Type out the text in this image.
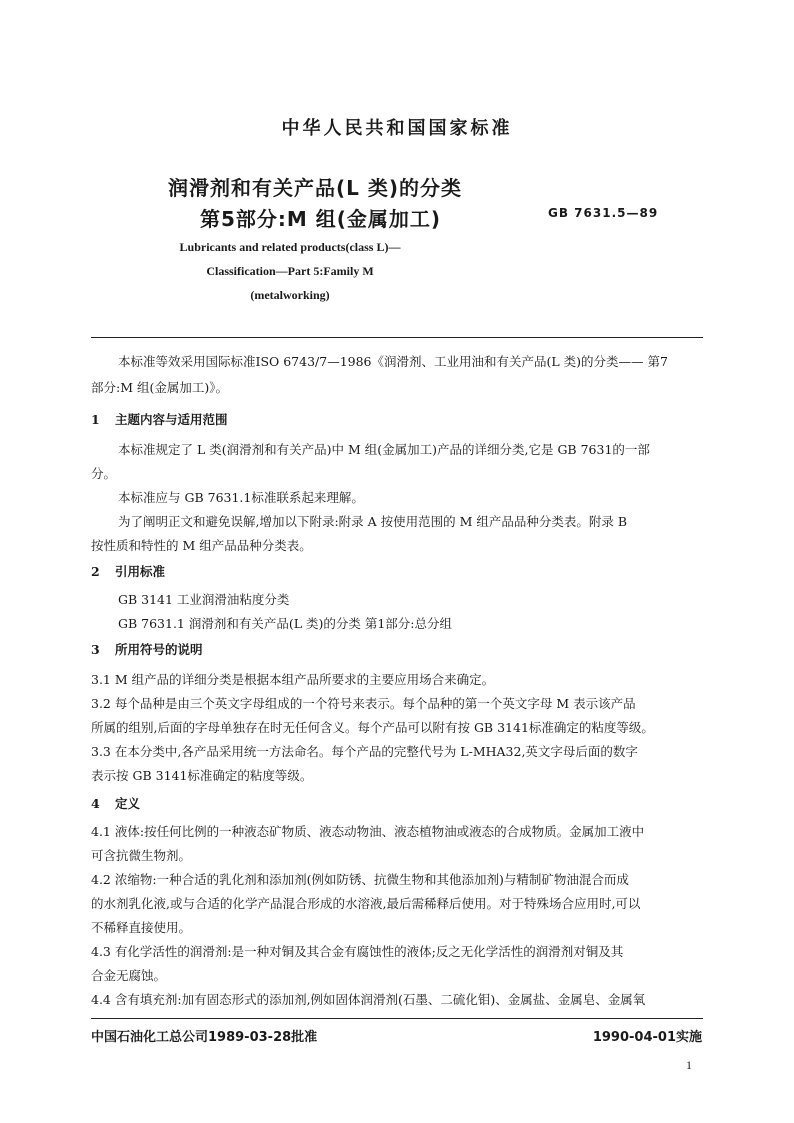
中华人民共和国国家标准
润滑剂和有关产品(L 类)的分类
第5部分:M 组(金属加工)	GB 7631.5—89
Lubricants and related products(class L)—
Classification—Part 5:Family M
(metalworking)
本标准等效采用国际标准ISO 6743/7—1986《润滑剂、工业用油和有关产品(L 类)的分类—— 第7
部分:M 组(金属加工)》。
1 主题内容与适用范围
本标准规定了 L 类(润滑剂和有关产品)中 M 组(金属加工)产品的详细分类,它是 GB 7631的一部
分。
本标准应与 GB 7631.1标准联系起来理解。
为了阐明正文和避免误解,增加以下附录:附录 A 按使用范围的 M 组产品品种分类表。附录 B
按性质和特性的 M 组产品品种分类表。
2 引用标准
GB 3141 工业润滑油粘度分类
GB 7631.1 润滑剂和有关产品(L 类)的分类 第1部分:总分组
3 所用符号的说明
3.1 M 组产品的详细分类是根据本组产品所要求的主要应用场合来确定。
3.2 每个品种是由三个英文字母组成的一个符号来表示。每个品种的第一个英文字母 M 表示该产品
所属的组别,后面的字母单独存在时无任何含义。每个产品可以附有按 GB 3141标准确定的粘度等级。
3.3 在本分类中,各产品采用统一方法命名。每个产品的完整代号为 L-MHA32,英文字母后面的数字
表示按 GB 3141标准确定的粘度等级。
4 定义
4.1 液体:按任何比例的一种液态矿物质、液态动物油、液态植物油或液态的合成物质。金属加工液中
可含抗微生物剂。
4.2 浓缩物:一种合适的乳化剂和添加剂(例如防锈、抗微生物和其他添加剂)与精制矿物油混合而成
的水剂乳化液,或与合适的化学产品混合形成的水溶液,最后需稀释后使用。对于特殊场合应用时,可以
不稀释直接使用。
4.3 有化学活性的润滑剂:是一种对铜及其合金有腐蚀性的液体;反之无化学活性的润滑剂对铜及其
合金无腐蚀。
4.4 含有填充剂:加有固态形式的添加剂,例如固体润滑剂(石墨、二硫化钼)、金属盐、金属皂、金属氧
中国石油化工总公司1989-03-28批准	1990-04-01实施
1
